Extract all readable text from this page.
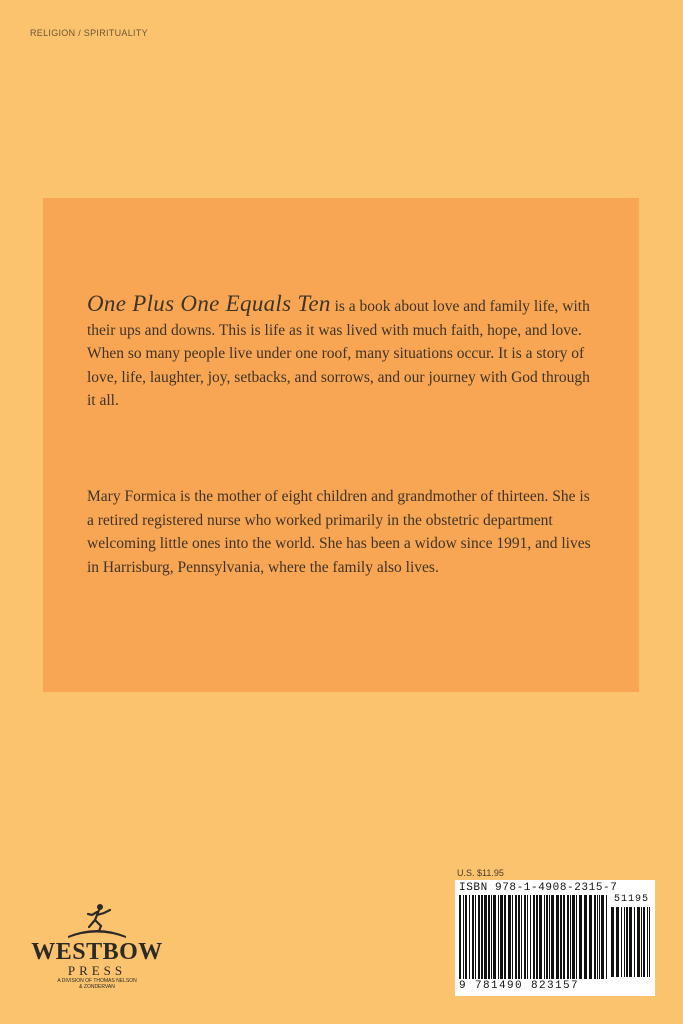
RELIGION / SPIRITUALITY

One Plus One Equals Ten is a book about love and family life, with their ups and downs. This is life as it was lived with much faith, hope, and love. When so many people live under one roof, many situations occur. It is a story of love, life, laughter, joy, setbacks, and sorrows, and our journey with God through it all.

Mary Formica is the mother of eight children and grandmother of thirteen. She is a retired registered nurse who worked primarily in the obstetric department welcoming little ones into the world. She has been a widow since 1991, and lives in Harrisburg, Pennsylvania, where the family also lives.

WESTBOW
PRESS
A DIVISION OF THOMAS NELSON
& ZONDERVAN
U.S. $11.95
ISBN 978-1-4908-2315-7
51195
9 781490 823157
